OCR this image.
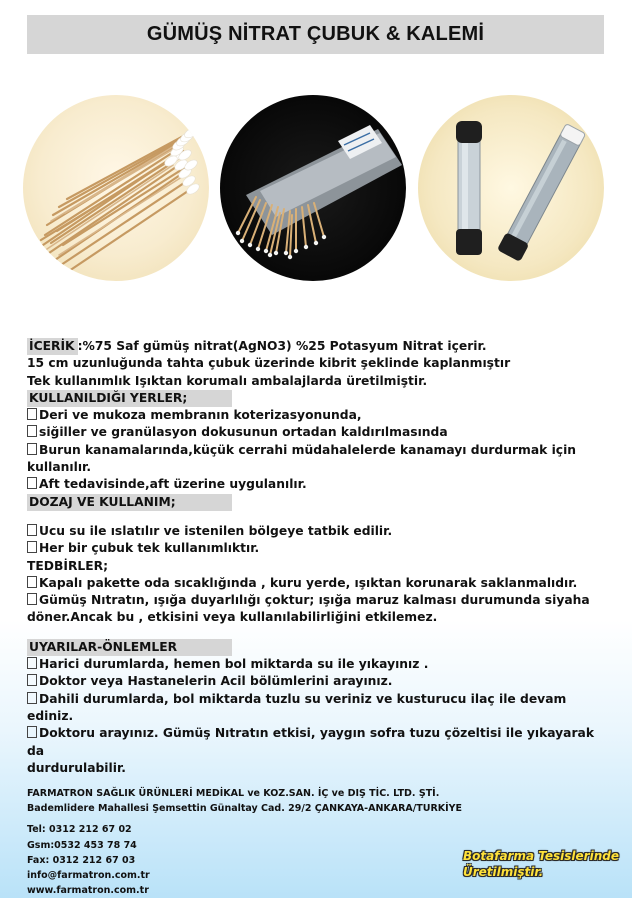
GÜMÜŞ NİTRAT ÇUBUK & KALEMİ

İCERİK :%75 Saf gümüş nitrat(AgNO3) %25 Potasyum Nitrat içerir.

15 cm uzunluğunda tahta çubuk üzerinde kibrit şeklinde kaplanmıştır

Tek kullanımlık Işıktan korumalı ambalajlarda üretilmiştir.

KULLANILDIĞI YERLER;

Deri ve mukoza membranın koterizasyonunda,

siğiller ve granülasyon dokusunun ortadan kaldırılmasında

Burun kanamalarında,küçük cerrahi müdahalelerde kanamayı durdurmak için

kullanılır.

Aft tedavisinde,aft üzerine uygulanılır.

DOZAJ VE KULLANIM;

Ucu su ile ıslatılır ve istenilen bölgeye tatbik edilir.

Her bir çubuk tek kullanımlıktır.

TEDBİRLER;

Kapalı pakette oda sıcaklığında , kuru yerde, ışıktan korunarak saklanmalıdır.

Gümüş Nıtratın, ışığa duyarlılığı çoktur; ışığa maruz kalması durumunda siyaha

döner.Ancak bu , etkisini veya kullanılabilirliğini etkilemez.

UYARILAR-ÖNLEMLER

Harici durumlarda, hemen bol miktarda su ile yıkayınız .

Doktor veya Hastanelerin Acil bölümlerini arayınız.

Dahili durumlarda, bol miktarda tuzlu su veriniz ve kusturucu ilaç ile devam ediniz.

Doktoru arayınız. Gümüş Nıtratın etkisi, yaygın sofra tuzu çözeltisi ile yıkayarak da

durdurulabilir.

FARMATRON SAĞLIK ÜRÜNLERİ MEDİKAL ve KOZ.SAN. İÇ ve DIŞ TİC. LTD. ŞTİ.

Bademlidere Mahallesi Şemsettin Günaltay Cad. 29/2 ÇANKAYA-ANKARA/TURKİYE

Tel: 0312 212 67 02

Gsm:0532 453 78 74

Fax: 0312 212 67 03

info@farmatron.com.tr

www.farmatron.com.tr

Botafarma Tesislerinde

Üretilmiştir.
